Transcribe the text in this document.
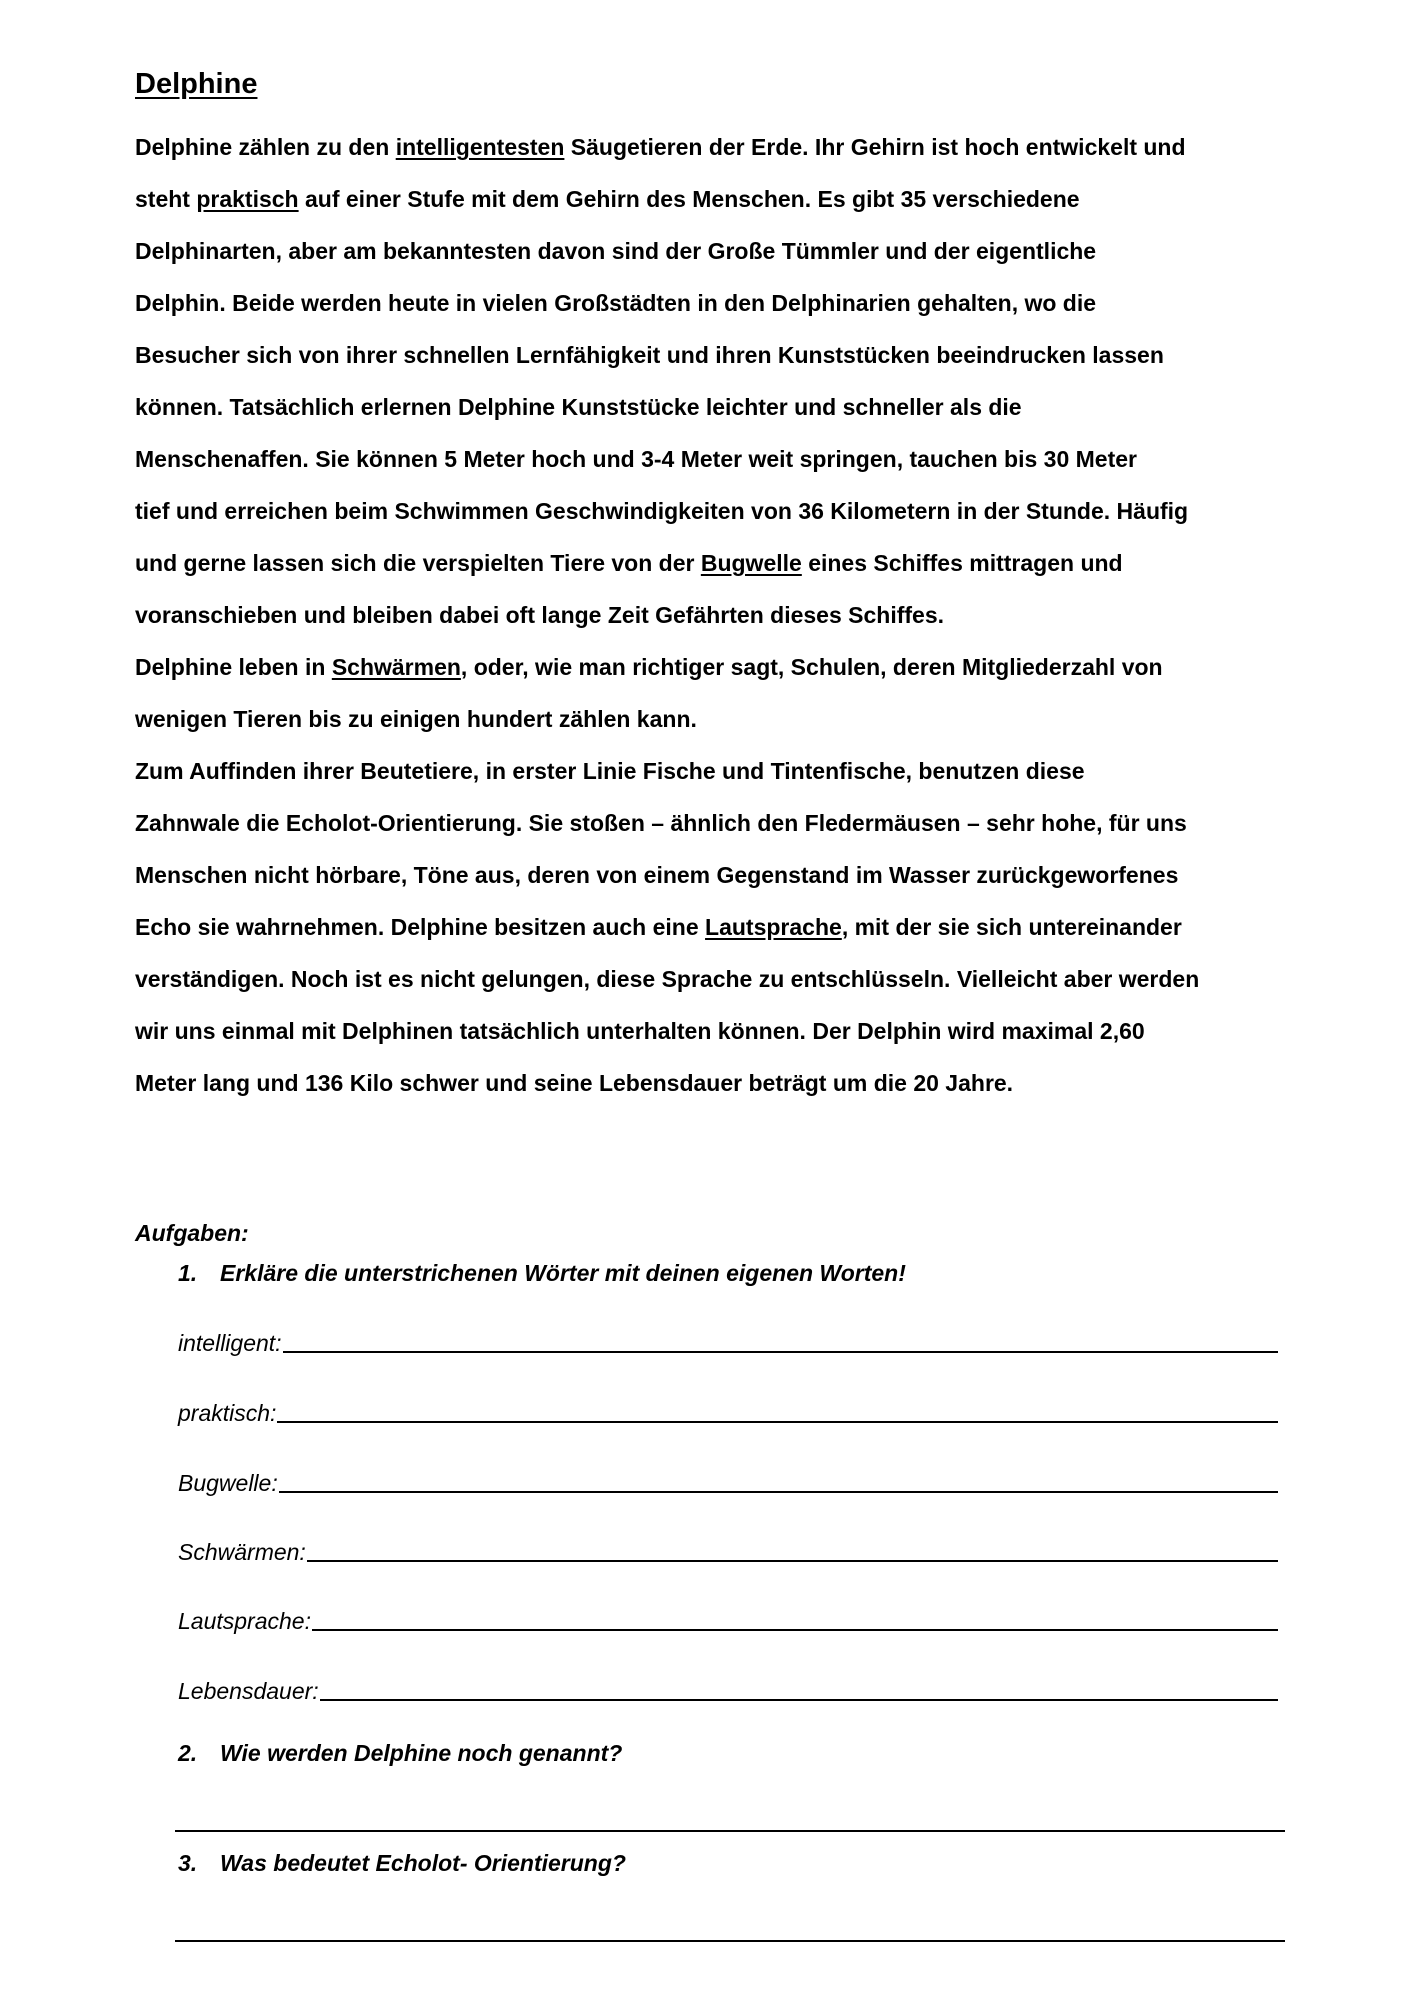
Delphine
Delphine zählen zu den intelligentesten Säugetieren der Erde. Ihr Gehirn ist hoch entwickelt und
steht praktisch auf einer Stufe mit dem Gehirn des Menschen. Es gibt 35 verschiedene
Delphinarten, aber am bekanntesten davon sind der Große Tümmler und der eigentliche
Delphin. Beide werden heute in vielen Großstädten in den Delphinarien gehalten, wo die
Besucher sich von ihrer schnellen Lernfähigkeit und ihren Kunststücken beeindrucken lassen
können. Tatsächlich erlernen Delphine Kunststücke leichter und schneller als die
Menschenaffen. Sie können 5 Meter hoch und 3-4 Meter weit springen, tauchen bis 30 Meter
tief und erreichen beim Schwimmen Geschwindigkeiten von 36 Kilometern in der Stunde. Häufig
und gerne lassen sich die verspielten Tiere von der Bugwelle eines Schiffes mittragen und
voranschieben und bleiben dabei oft lange Zeit Gefährten dieses Schiffes.
Delphine leben in Schwärmen, oder, wie man richtiger sagt, Schulen, deren Mitgliederzahl von
wenigen Tieren bis zu einigen hundert zählen kann.
Zum Auffinden ihrer Beutetiere, in erster Linie Fische und Tintenfische, benutzen diese
Zahnwale die Echolot-Orientierung. Sie stoßen – ähnlich den Fledermäusen – sehr hohe, für uns
Menschen nicht hörbare, Töne aus, deren von einem Gegenstand im Wasser zurückgeworfenes
Echo sie wahrnehmen. Delphine besitzen auch eine Lautsprache, mit der sie sich untereinander
verständigen. Noch ist es nicht gelungen, diese Sprache zu entschlüsseln. Vielleicht aber werden
wir uns einmal mit Delphinen tatsächlich unterhalten können. Der Delphin wird maximal 2,60
Meter lang und 136 Kilo schwer und seine Lebensdauer beträgt um die 20 Jahre.
Aufgaben:
1. Erkläre die unterstrichenen Wörter mit deinen eigenen Worten!
intelligent:
praktisch:
Bugwelle:
Schwärmen:
Lautsprache:
Lebensdauer:
2. Wie werden Delphine noch genannt?
3. Was bedeutet Echolot- Orientierung?
